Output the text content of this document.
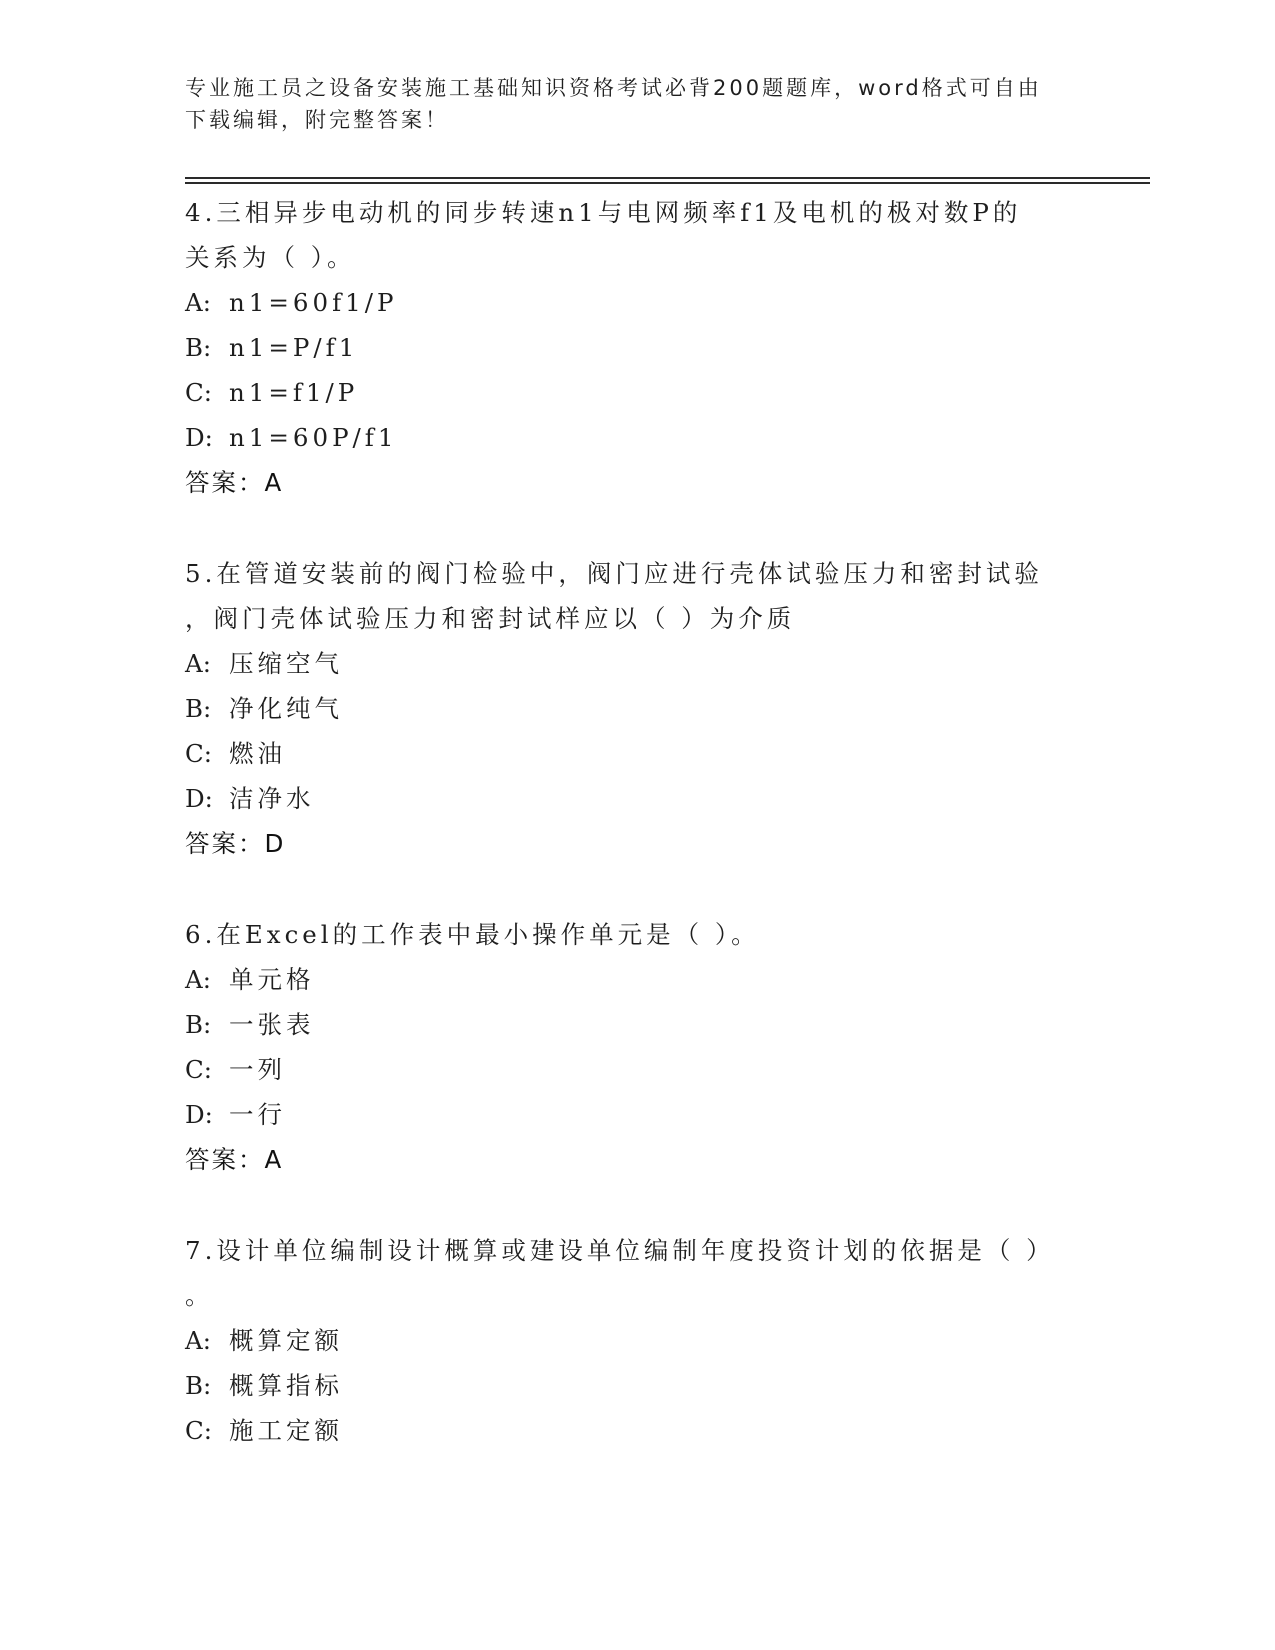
专业施工员之设备安装施工基础知识资格考试必背200题题库，word格式可自由
下载编辑，附完整答案！
4.三相异步电动机的同步转速n1与电网频率f1及电机的极对数P的
关系为（ ）。
A: n1=60f1/P
B: n1=P/f1
C: n1=f1/P
D: n1=60P/f1
答案：A
5.在管道安装前的阀门检验中，阀门应进行壳体试验压力和密封试验
，阀门壳体试验压力和密封试样应以（ ）为介质
A: 压缩空气
B: 净化纯气
C: 燃油
D: 洁净水
答案：D
6.在Excel的工作表中最小操作单元是（ ）。
A: 单元格
B: 一张表
C: 一列
D: 一行
答案：A
7.设计单位编制设计概算或建设单位编制年度投资计划的依据是（ ）
。
A: 概算定额
B: 概算指标
C: 施工定额
